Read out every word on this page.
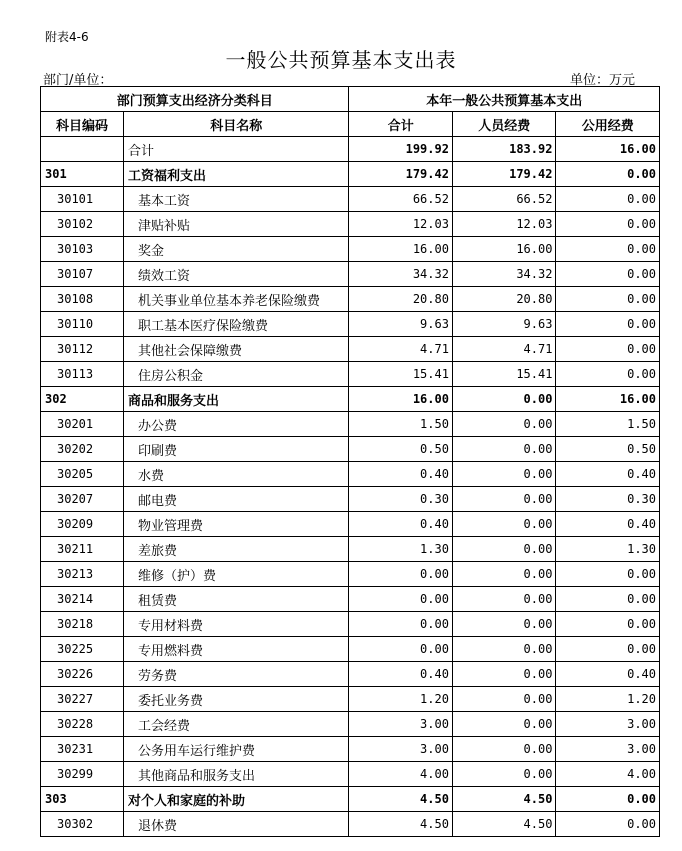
附表4-6
一般公共预算基本支出表
部门/单位：	单位：万元
部门预算支出经济分类科目		本年一般公共预算基本支出		
科目编码	科目名称	合计	人员经费	公用经费
	合计	199.92	183.92	16.00
301	工资福利支出	179.42	179.42	0.00
30101	基本工资	66.52	66.52	0.00
30102	津贴补贴	12.03	12.03	0.00
30103	奖金	16.00	16.00	0.00
30107	绩效工资	34.32	34.32	0.00
30108	机关事业单位基本养老保险缴费	20.80	20.80	0.00
30110	职工基本医疗保险缴费	9.63	9.63	0.00
30112	其他社会保障缴费	4.71	4.71	0.00
30113	住房公积金	15.41	15.41	0.00
302	商品和服务支出	16.00	0.00	16.00
30201	办公费	1.50	0.00	1.50
30202	印刷费	0.50	0.00	0.50
30205	水费	0.40	0.00	0.40
30207	邮电费	0.30	0.00	0.30
30209	物业管理费	0.40	0.00	0.40
30211	差旅费	1.30	0.00	1.30
30213	维修（护）费	0.00	0.00	0.00
30214	租赁费	0.00	0.00	0.00
30218	专用材料费	0.00	0.00	0.00
30225	专用燃料费	0.00	0.00	0.00
30226	劳务费	0.40	0.00	0.40
30227	委托业务费	1.20	0.00	1.20
30228	工会经费	3.00	0.00	3.00
30231	公务用车运行维护费	3.00	0.00	3.00
30299	其他商品和服务支出	4.00	0.00	4.00
303	对个人和家庭的补助	4.50	4.50	0.00
30302	退休费	4.50	4.50	0.00
